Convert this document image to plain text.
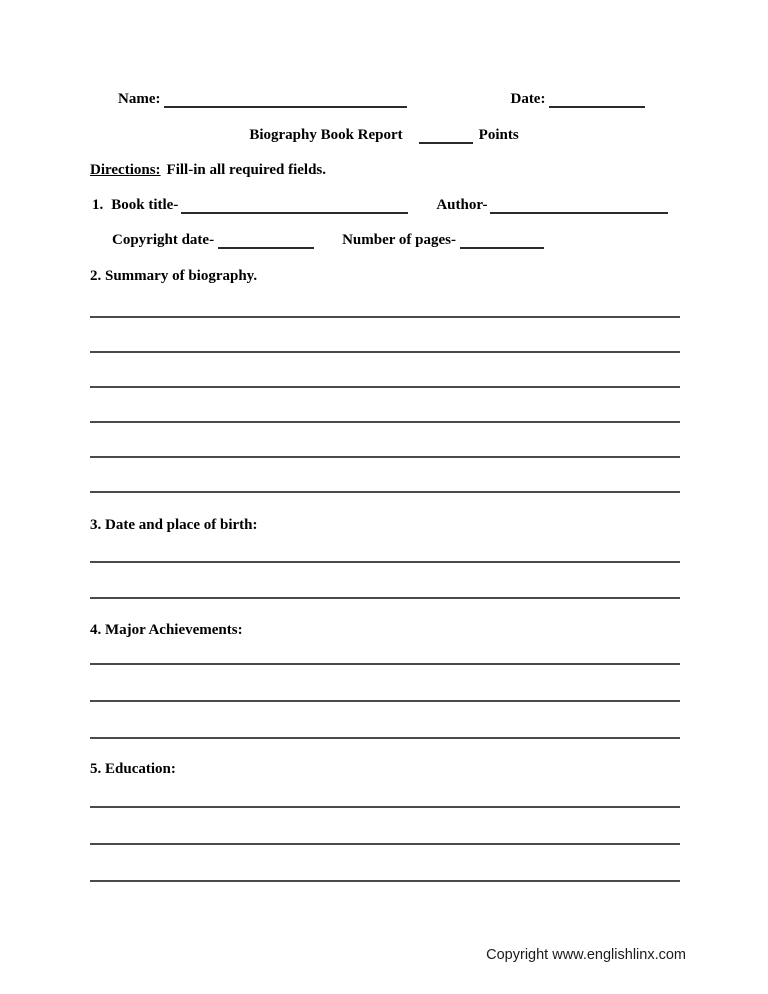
Name:	Date:
Biography Book Report	Points
Directions: Fill-in all required fields.
1. Book title-	Author-
Copyright date-	Number of pages-
2. Summary of biography.
3. Date and place of birth:
4. Major Achievements:
5. Education:
Copyright www.englishlinx.com
